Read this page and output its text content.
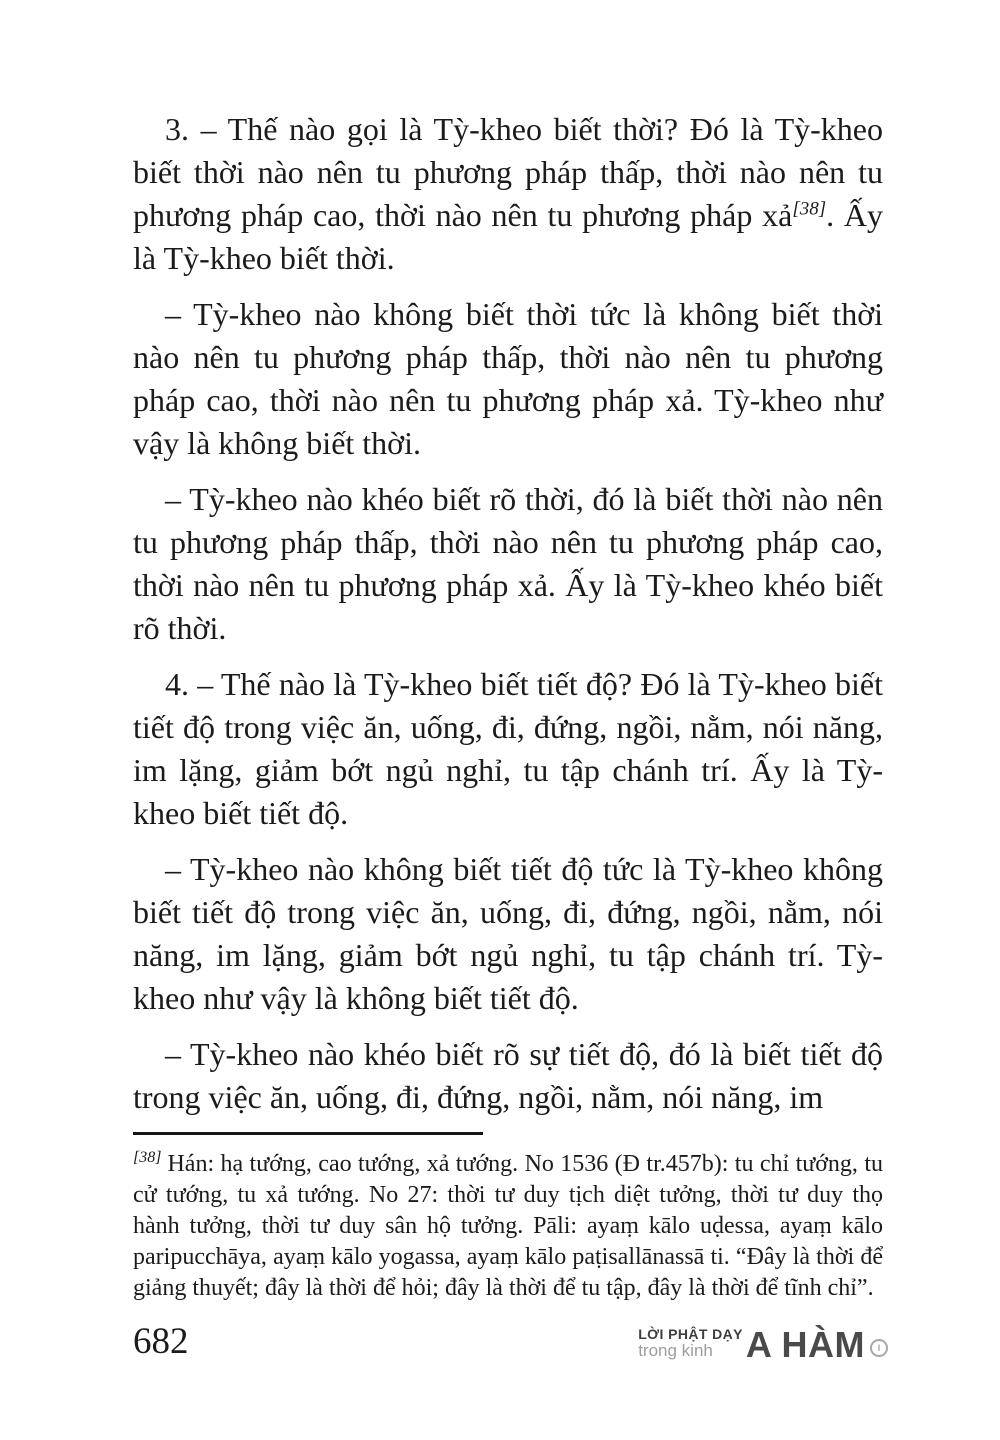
3. – Thế nào gọi là Tỳ-kheo biết thời? Đó là Tỳ-kheo biết thời nào nên tu phương pháp thấp, thời nào nên tu phương pháp cao, thời nào nên tu phương pháp xả[38]. Ấy là Tỳ-kheo biết thời.

– Tỳ-kheo nào không biết thời tức là không biết thời nào nên tu phương pháp thấp, thời nào nên tu phương pháp cao, thời nào nên tu phương pháp xả. Tỳ-kheo như vậy là không biết thời.

– Tỳ-kheo nào khéo biết rõ thời, đó là biết thời nào nên tu phương pháp thấp, thời nào nên tu phương pháp cao, thời nào nên tu phương pháp xả. Ấy là Tỳ-kheo khéo biết rõ thời.

4. – Thế nào là Tỳ-kheo biết tiết độ? Đó là Tỳ-kheo biết tiết độ trong việc ăn, uống, đi, đứng, ngồi, nằm, nói năng, im lặng, giảm bớt ngủ nghỉ, tu tập chánh trí. Ấy là Tỳ-kheo biết tiết độ.

– Tỳ-kheo nào không biết tiết độ tức là Tỳ-kheo không biết tiết độ trong việc ăn, uống, đi, đứng, ngồi, nằm, nói năng, im lặng, giảm bớt ngủ nghỉ, tu tập chánh trí. Tỳ-kheo như vậy là không biết tiết độ.

– Tỳ-kheo nào khéo biết rõ sự tiết độ, đó là biết tiết độ trong việc ăn, uống, đi, đứng, ngồi, nằm, nói năng, im

[38] Hán: hạ tướng, cao tướng, xả tướng. No 1536 (Đ tr.457b): tu chỉ tướng, tu cử tướng, tu xả tướng. No 27: thời tư duy tịch diệt tưởng, thời tư duy thọ hành tưởng, thời tư duy sân hộ tưởng. Pāli: ayaṃ kālo uḍessa, ayaṃ kālo paripucchāya, ayaṃ kālo yogassa, ayaṃ kālo paṭisallānassā ti. “Đây là thời để giảng thuyết; đây là thời để hỏi; đây là thời để tu tập, đây là thời để tĩnh chỉ”.

682	LỜI PHẬT DẠY
trong kinh A HÀM	I
